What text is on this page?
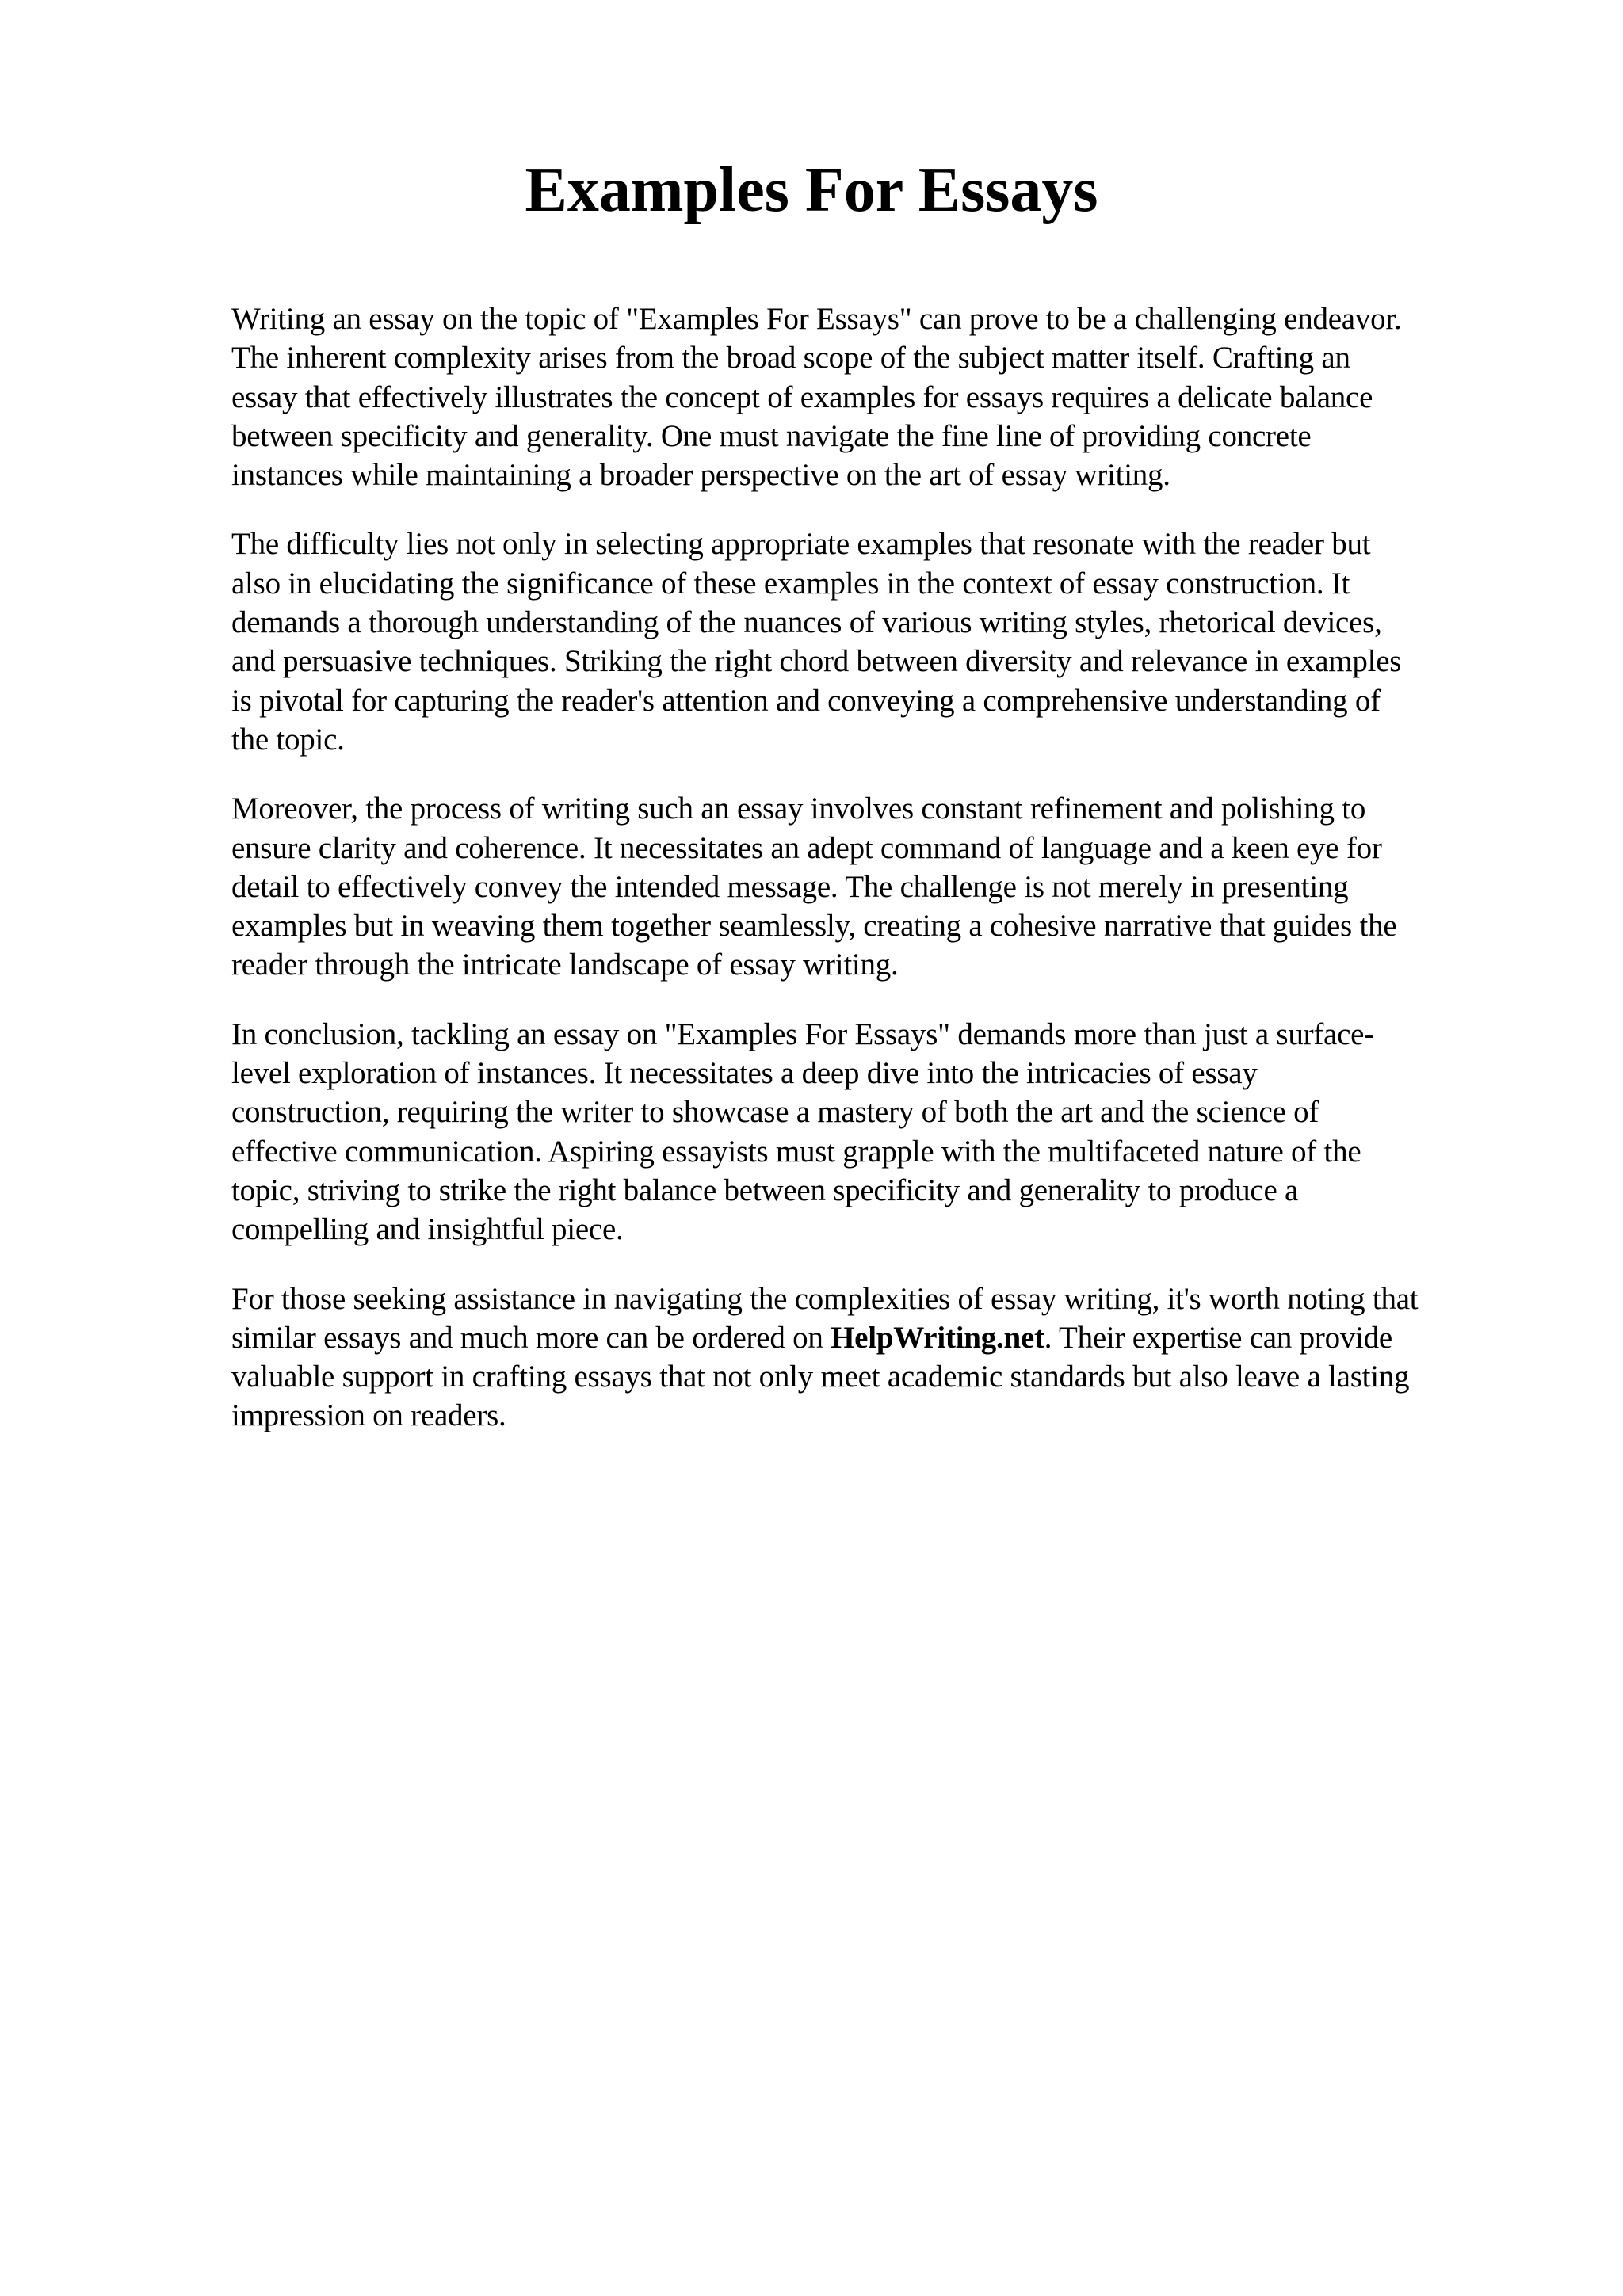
Examples For Essays

Writing an essay on the topic of "Examples For Essays" can prove to be a challenging endeavor.
The inherent complexity arises from the broad scope of the subject matter itself. Crafting an
essay that effectively illustrates the concept of examples for essays requires a delicate balance
between specificity and generality. One must navigate the fine line of providing concrete
instances while maintaining a broader perspective on the art of essay writing.

The difficulty lies not only in selecting appropriate examples that resonate with the reader but
also in elucidating the significance of these examples in the context of essay construction. It
demands a thorough understanding of the nuances of various writing styles, rhetorical devices,
and persuasive techniques. Striking the right chord between diversity and relevance in examples
is pivotal for capturing the reader's attention and conveying a comprehensive understanding of
the topic.

Moreover, the process of writing such an essay involves constant refinement and polishing to
ensure clarity and coherence. It necessitates an adept command of language and a keen eye for
detail to effectively convey the intended message. The challenge is not merely in presenting
examples but in weaving them together seamlessly, creating a cohesive narrative that guides the
reader through the intricate landscape of essay writing.

In conclusion, tackling an essay on "Examples For Essays" demands more than just a surface-
level exploration of instances. It necessitates a deep dive into the intricacies of essay
construction, requiring the writer to showcase a mastery of both the art and the science of
effective communication. Aspiring essayists must grapple with the multifaceted nature of the
topic, striving to strike the right balance between specificity and generality to produce a
compelling and insightful piece.

For those seeking assistance in navigating the complexities of essay writing, it's worth noting that
similar essays and much more can be ordered on HelpWriting.net. Their expertise can provide
valuable support in crafting essays that not only meet academic standards but also leave a lasting
impression on readers.
